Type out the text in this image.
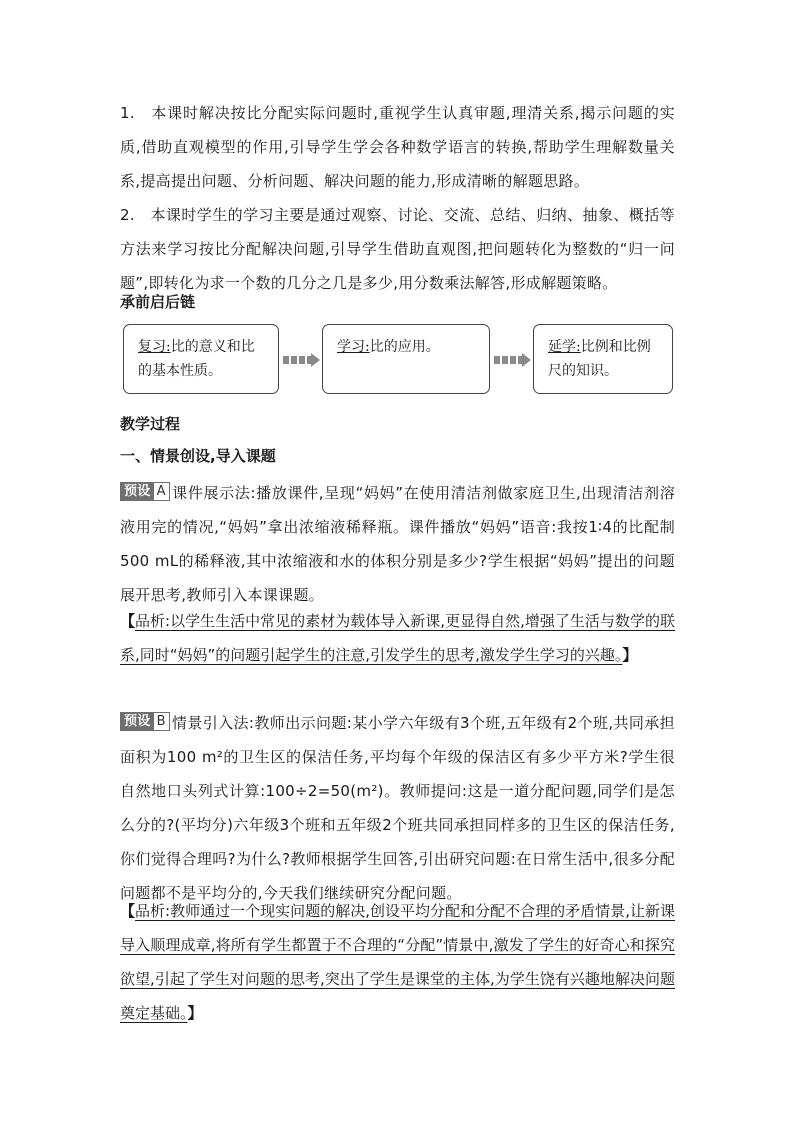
1.　本课时解决按比分配实际问题时,重视学生认真审题,理清关系,揭示问题的实质,借助直观模型的作用,引导学生学会各种数学语言的转换,帮助学生理解数量关系,提高提出问题、分析问题、解决问题的能力,形成清晰的解题思路。
2.　本课时学生的学习主要是通过观察、讨论、交流、总结、归纳、抽象、概括等方法来学习按比分配解决问题,引导学生借助直观图,把问题转化为整数的“归一问题”,即转化为求一个数的几分之几是多少,用分数乘法解答,形成解题策略。
承前启后链
复习:比的意义和比的基本性质。
学习:比的应用。	延学:比例和比例尺的知识。
教学过程
一、情景创设,导入课题
预设 A 课件展示法:播放课件,呈现“妈妈”在使用清洁剂做家庭卫生,出现清洁剂溶液用完的情况,“妈妈”拿出浓缩液稀释瓶。课件播放“妈妈”语音:我按1∶4的比配制500 mL的稀释液,其中浓缩液和水的体积分别是多少?学生根据“妈妈”提出的问题展开思考,教师引入本课课题。
【品析:以学生生活中常见的素材为载体导入新课,更显得自然,增强了生活与数学的联系,同时“妈妈”的问题引起学生的注意,引发学生的思考,激发学生学习的兴趣。】
预设 B 情景引入法:教师出示问题:某小学六年级有3个班,五年级有2个班,共同承担面积为100 m²的卫生区的保洁任务,平均每个年级的保洁区有多少平方米?学生很自然地口头列式计算:100÷2=50(m²)。教师提问:这是一道分配问题,同学们是怎么分的?(平均分)六年级3个班和五年级2个班共同承担同样多的卫生区的保洁任务,你们觉得合理吗?为什么?教师根据学生回答,引出研究问题:在日常生活中,很多分配问题都不是平均分的,今天我们继续研究分配问题。
【品析:教师通过一个现实问题的解决,创设平均分配和分配不合理的矛盾情景,让新课导入顺理成章,将所有学生都置于不合理的“分配”情景中,激发了学生的好奇心和探究欲望,引起了学生对问题的思考,突出了学生是课堂的主体,为学生饶有兴趣地解决问题奠定基础。】
